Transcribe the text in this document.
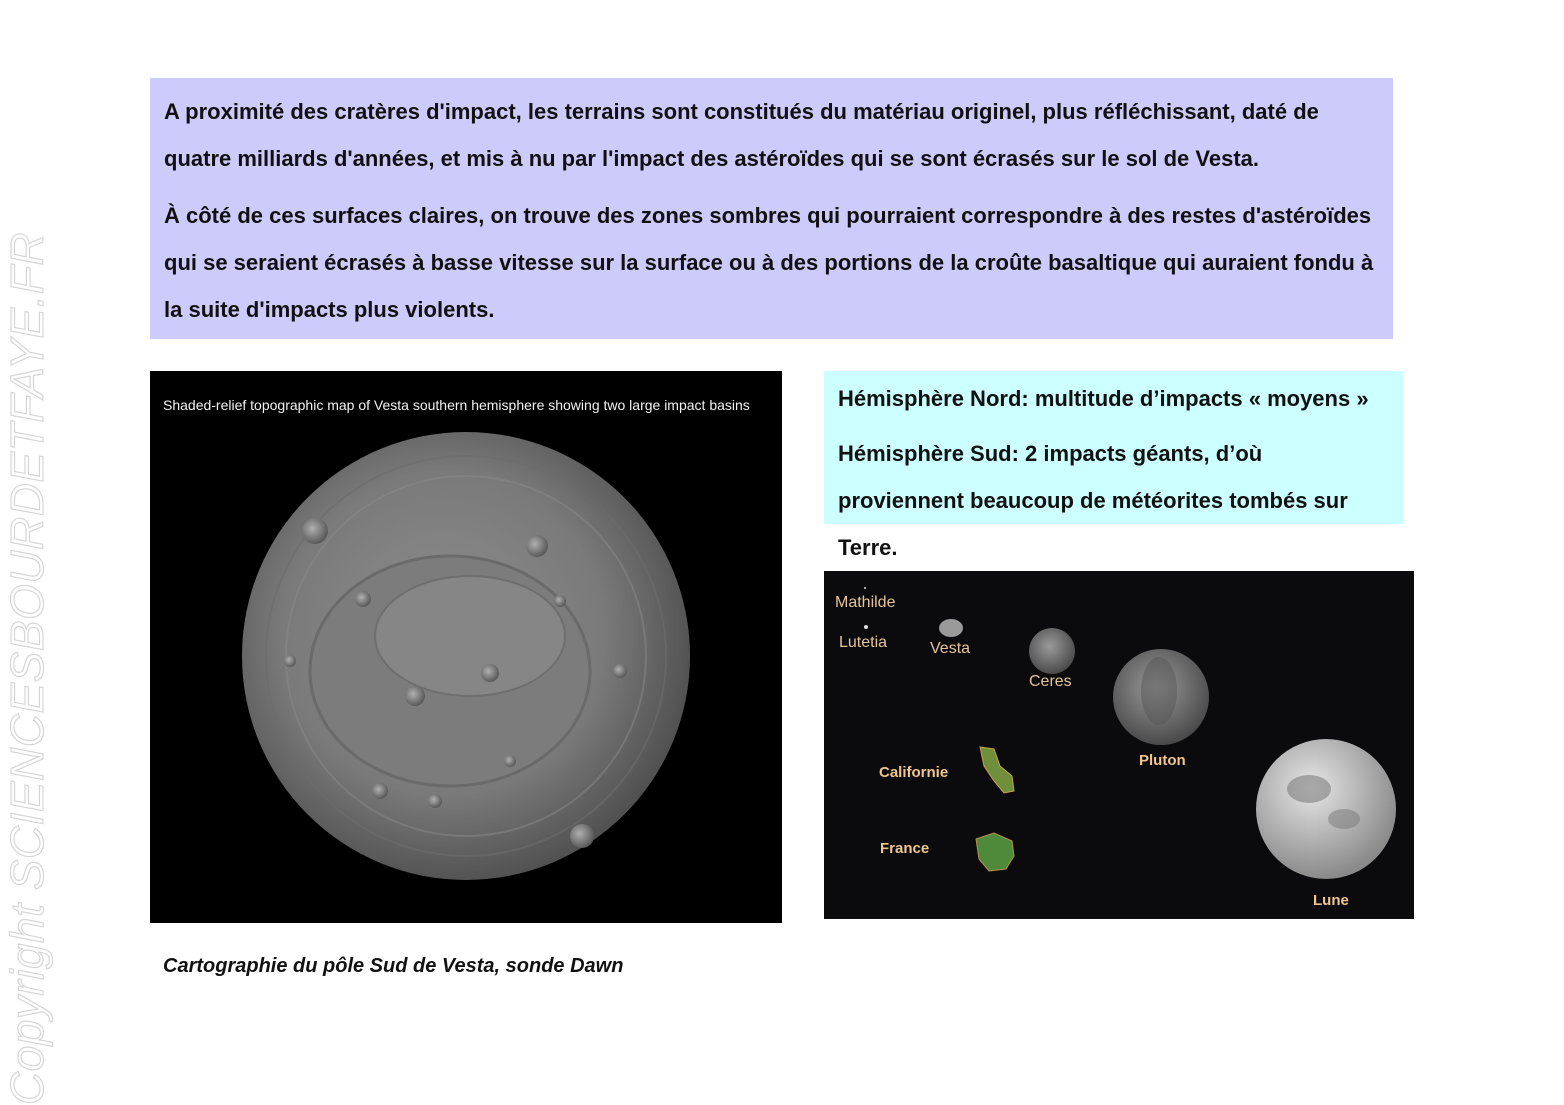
Copyright SCIENCESBOURDETFAYE.FR

A proximité des cratères d'impact, les terrains sont constitués du matériau originel, plus réfléchissant, daté de quatre milliards d'années, et mis à nu par l'impact des astéroïdes qui se sont écrasés sur le sol de Vesta.

À côté de ces surfaces claires, on trouve des zones sombres qui pourraient correspondre à des restes d'astéroïdes qui se seraient écrasés à basse vitesse sur la surface ou à des portions de la croûte basaltique qui auraient fondu à la suite d'impacts plus violents.

Shaded-relief topographic map of Vesta southern hemisphere showing two large impact basins	Hémisphère Nord: multitude d’impacts « moyens »

Hémisphère Sud: 2 impacts géants, d’où proviennent beaucoup de météorites tombés sur Terre.

Mathilde
Lutetia	Vesta
Ceres
Pluton
Californie
France
Lune
Cartographie du pôle Sud de Vesta, sonde Dawn
